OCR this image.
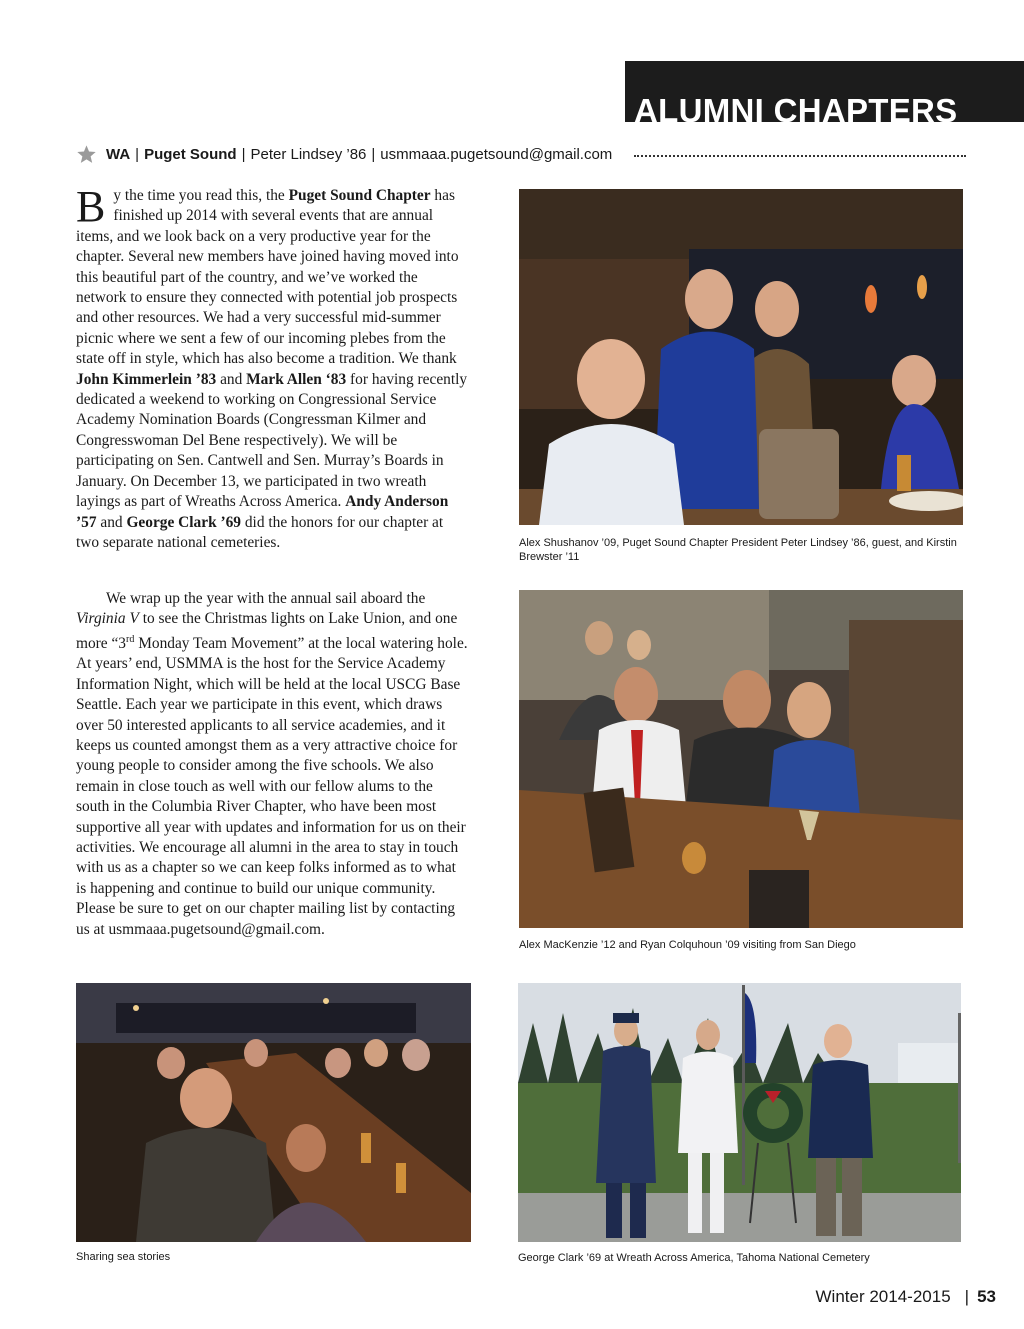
ALUMNI CHAPTERS
WA | Puget Sound | Peter Lindsey ’86 | usmmaaa.pugetsound@gmail.com

By the time you read this, the Puget Sound Chapter has finished up 2014 with several events that are annual items, and we look back on a very productive year for the chapter. Several new members have joined having moved into this beautiful part of the country, and we’ve worked the network to ensure they connected with potential job prospects and other resources. We had a very successful mid-summer picnic where we sent a few of our incoming plebes from the state off in style, which has also become a tradition. We thank John Kimmerlein ’83 and Mark Allen ‘83 for having recently dedicated a weekend to working on Congressional Service Academy Nomination Boards (Congressman Kilmer and Congresswoman Del Bene respectively). We will be participating on Sen. Cantwell and Sen. Murray’s Boards in January. On December 13, we participated in two wreath layings as part of Wreaths Across America. Andy Anderson ’57 and George Clark ’69 did the honors for our chapter at two separate national cemeteries.

We wrap up the year with the annual sail aboard the Virginia V to see the Christmas lights on Lake Union, and one more “3rd Monday Team Movement” at the local watering hole. At years’ end, USMMA is the host for the Service Academy Information Night, which will be held at the local USCG Base Seattle. Each year we participate in this event, which draws over 50 interested applicants to all service academies, and it keeps us counted amongst them as a very attractive choice for young people to consider among the five schools. We also remain in close touch as well with our fellow alums to the south in the Columbia River Chapter, who have been most supportive all year with updates and information for us on their activities. We encourage all alumni in the area to stay in touch with us as a chapter so we can keep folks informed as to what is happening and continue to build our unique community. Please be sure to get on our chapter mailing list by contacting us at usmmaaa.pugetsound@gmail.com.

Alex Shushanov ’09, Puget Sound Chapter President Peter Lindsey ’86, guest, and Kirstin Brewster ’11
Alex MacKenzie ’12 and Ryan Colquhoun ’09 visiting from San Diego
Sharing sea stories	George Clark ’69 at Wreath Across America, Tahoma National Cemetery
Winter 2014-2015 | 53
